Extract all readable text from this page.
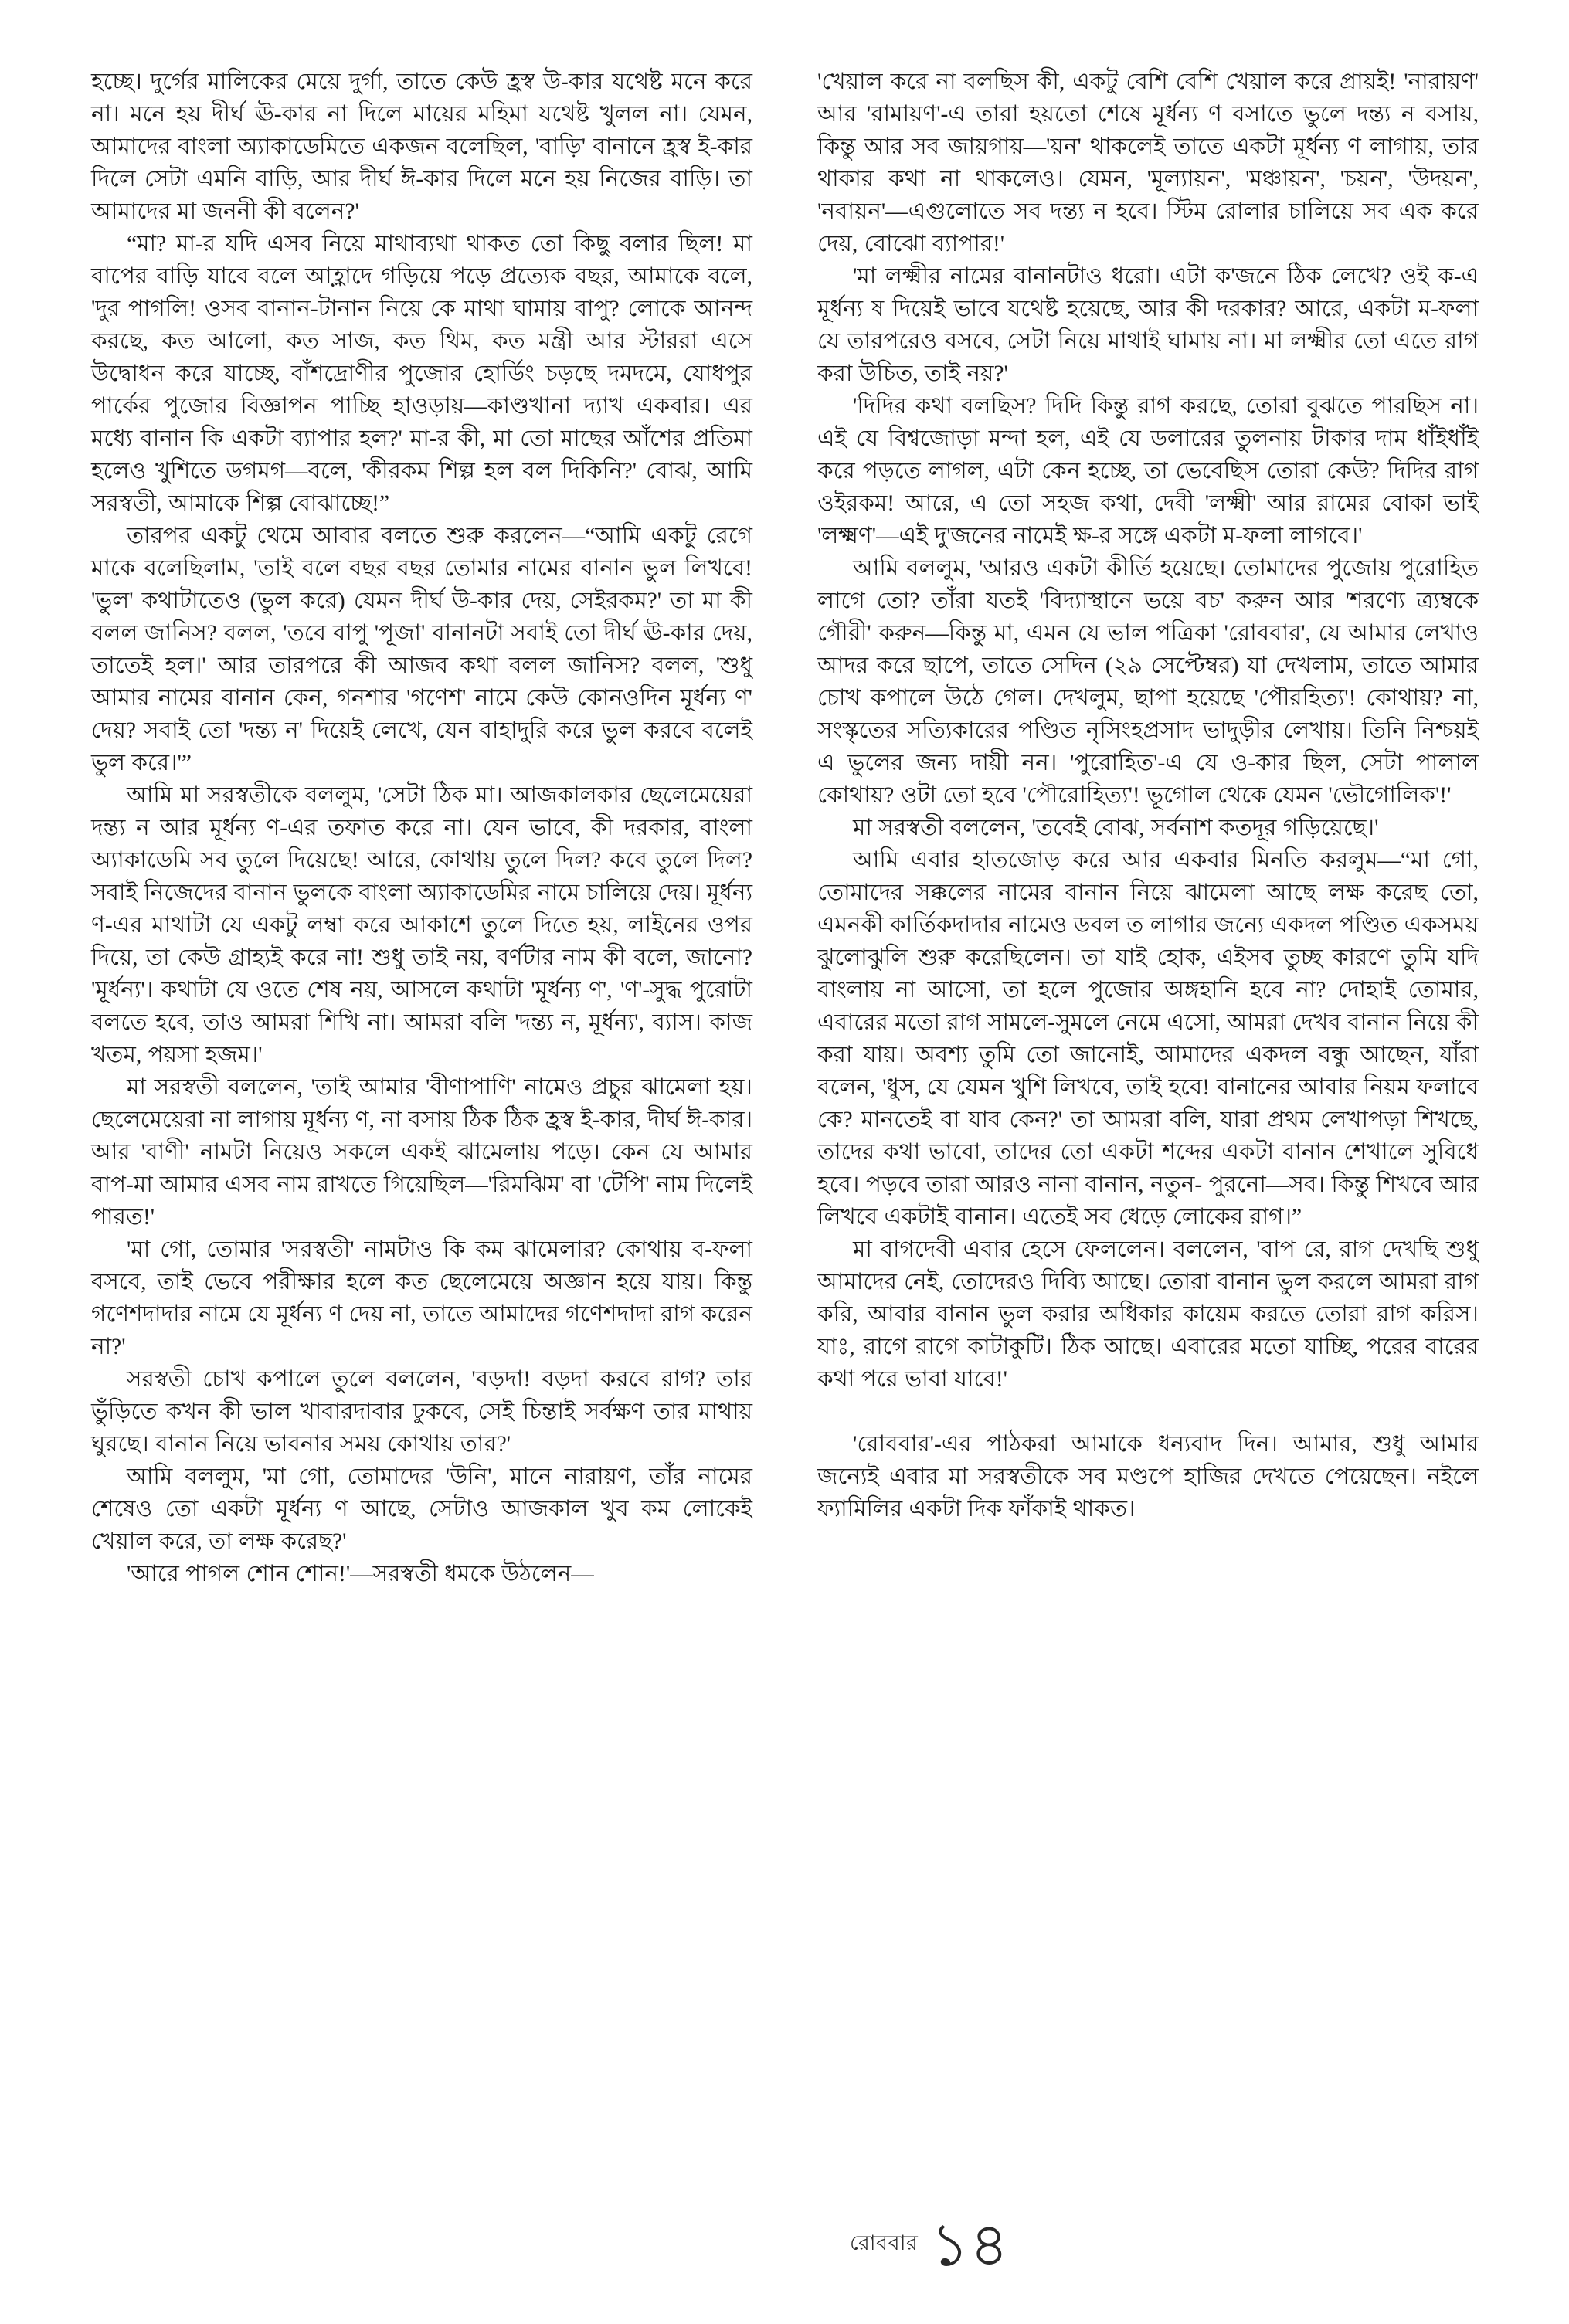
হচ্ছে। দুর্গের মালিকের মেয়ে দুর্গা, তাতে কেউ হ্রস্ব উ-কার যথেষ্ট মনে করে না। মনে হয় দীর্ঘ ঊ-কার না দিলে মায়ের মহিমা যথেষ্ট খুলল না। যেমন, আমাদের বাংলা অ্যাকাডেমিতে একজন বলেছিল, 'বাড়ি' বানানে হ্রস্ব ই-কার দিলে সেটা এমনি বাড়ি, আর দীর্ঘ ঈ-কার দিলে মনে হয় নিজের বাড়ি। তা আমাদের মা জননী কী বলেন?'

“মা? মা-র যদি এসব নিয়ে মাথাব্যথা থাকত তো কিছু বলার ছিল! মা বাপের বাড়ি যাবে বলে আহ্লাদে গড়িয়ে পড়ে প্রত্যেক বছর, আমাকে বলে, 'দুর পাগলি! ওসব বানান-টানান নিয়ে কে মাথা ঘামায় বাপু? লোকে আনন্দ করছে, কত আলো, কত সাজ, কত থিম, কত মন্ত্রী আর স্টাররা এসে উদ্বোধন করে যাচ্ছে, বাঁশদ্রোণীর পুজোর হোর্ডিং চড়ছে দমদমে, যোধপুর পার্কের পুজোর বিজ্ঞাপন পাচ্ছি হাওড়ায়—কাণ্ডখানা দ্যাখ একবার। এর মধ্যে বানান কি একটা ব্যাপার হল?' মা-র কী, মা তো মাছের আঁশের প্রতিমা হলেও খুশিতে ডগমগ—বলে, 'কীরকম শিল্প হল বল দিকিনি?' বোঝ, আমি সরস্বতী, আমাকে শিল্প বোঝাচ্ছে!”

তারপর একটু থেমে আবার বলতে শুরু করলেন—“আমি একটু রেগে মাকে বলেছিলাম, 'তাই বলে বছর বছর তোমার নামের বানান ভুল লিখবে! 'ভুল' কথাটাতেও (ভুল করে) যেমন দীর্ঘ উ-কার দেয়, সেইরকম?' তা মা কী বলল জানিস? বলল, 'তবে বাপু 'পূজা' বানানটা সবাই তো দীর্ঘ ঊ-কার দেয়, তাতেই হল।' আর তারপরে কী আজব কথা বলল জানিস? বলল, 'শুধু আমার নামের বানান কেন, গনশার 'গণেশ' নামে কেউ কোনওদিন মূর্ধন্য ণ' দেয়? সবাই তো 'দন্ত্য ন' দিয়েই লেখে, যেন বাহাদুরি করে ভুল করবে বলেই ভুল করে।'”

আমি মা সরস্বতীকে বললুম, 'সেটা ঠিক মা। আজকালকার ছেলেমেয়েরা দন্ত্য ন আর মূর্ধন্য ণ-এর তফাত করে না। যেন ভাবে, কী দরকার, বাংলা অ্যাকাডেমি সব তুলে দিয়েছে! আরে, কোথায় তুলে দিল? কবে তুলে দিল? সবাই নিজেদের বানান ভুলকে বাংলা অ্যাকাডেমির নামে চালিয়ে দেয়। মূর্ধন্য ণ-এর মাথাটা যে একটু লম্বা করে আকাশে তুলে দিতে হয়, লাইনের ওপর দিয়ে, তা কেউ গ্রাহ্যই করে না! শুধু তাই নয়, বর্ণটার নাম কী বলে, জানো? 'মূর্ধন্য'। কথাটা যে ওতে শেষ নয়, আসলে কথাটা 'মূর্ধন্য ণ', 'ণ'-সুদ্ধ পুরোটা বলতে হবে, তাও আমরা শিখি না। আমরা বলি 'দন্ত্য ন, মূর্ধন্য', ব্যাস। কাজ খতম, পয়সা হজম।'

মা সরস্বতী বললেন, 'তাই আমার 'বীণাপাণি' নামেও প্রচুর ঝামেলা হয়। ছেলেমেয়েরা না লাগায় মূর্ধন্য ণ, না বসায় ঠিক ঠিক হ্রস্ব ই-কার, দীর্ঘ ঈ-কার। আর 'বাণী' নামটা নিয়েও সকলে একই ঝামেলায় পড়ে। কেন যে আমার বাপ-মা আমার এসব নাম রাখতে গিয়েছিল—'রিমঝিম' বা 'টেপি' নাম দিলেই পারত!'

'মা গো, তোমার 'সরস্বতী' নামটাও কি কম ঝামেলার? কোথায় ব-ফলা বসবে, তাই ভেবে পরীক্ষার হলে কত ছেলেমেয়ে অজ্ঞান হয়ে যায়। কিন্তু গণেশদাদার নামে যে মূর্ধন্য ণ দেয় না, তাতে আমাদের গণেশদাদা রাগ করেন না?'

সরস্বতী চোখ কপালে তুলে বললেন, 'বড়দা! বড়দা করবে রাগ? তার ভুঁড়িতে কখন কী ভাল খাবারদাবার ঢুকবে, সেই চিন্তাই সর্বক্ষণ তার মাথায় ঘুরছে। বানান নিয়ে ভাবনার সময় কোথায় তার?'

আমি বললুম, 'মা গো, তোমাদের 'উনি', মানে নারায়ণ, তাঁর নামের শেষেও তো একটা মূর্ধন্য ণ আছে, সেটাও আজকাল খুব কম লোকেই খেয়াল করে, তা লক্ষ করেছ?'

'আরে পাগল শোন শোন!'—সরস্বতী ধমকে উঠলেন—

'খেয়াল করে না বলছিস কী, একটু বেশি বেশি খেয়াল করে প্রায়ই! 'নারায়ণ' আর 'রামায়ণ'-এ তারা হয়তো শেষে মূর্ধন্য ণ বসাতে ভুলে দন্ত্য ন বসায়, কিন্তু আর সব জায়গায়—'য়ন' থাকলেই তাতে একটা মূর্ধন্য ণ লাগায়, তার থাকার কথা না থাকলেও। যেমন, 'মূল্যায়ন', 'মঞ্চায়ন', 'চয়ন', 'উদয়ন', 'নবায়ন'—এগুলোতে সব দন্ত্য ন হবে। স্টিম রোলার চালিয়ে সব এক করে দেয়, বোঝো ব্যাপার!'

'মা লক্ষ্মীর নামের বানানটাও ধরো। এটা ক'জনে ঠিক লেখে? ওই ক-এ মূর্ধন্য ষ দিয়েই ভাবে যথেষ্ট হয়েছে, আর কী দরকার? আরে, একটা ম-ফলা যে তারপরেও বসবে, সেটা নিয়ে মাথাই ঘামায় না। মা লক্ষ্মীর তো এতে রাগ করা উচিত, তাই নয়?'

'দিদির কথা বলছিস? দিদি কিন্তু রাগ করছে, তোরা বুঝতে পারছিস না। এই যে বিশ্বজোড়া মন্দা হল, এই যে ডলারের তুলনায় টাকার দাম ধাঁইধাঁই করে পড়তে লাগল, এটা কেন হচ্ছে, তা ভেবেছিস তোরা কেউ? দিদির রাগ ওইরকম! আরে, এ তো সহজ কথা, দেবী 'লক্ষ্মী' আর রামের বোকা ভাই 'লক্ষ্মণ'—এই দু'জনের নামেই ক্ষ-র সঙ্গে একটা ম-ফলা লাগবে।'

আমি বললুম, 'আরও একটা কীর্তি হয়েছে। তোমাদের পুজোয় পুরোহিত লাগে তো? তাঁরা যতই 'বিদ্যাস্থানে ভয়ে বচ' করুন আর 'শরণ্যে ত্র্যম্বকে গৌরী' করুন—কিন্তু মা, এমন যে ভাল পত্রিকা 'রোববার', যে আমার লেখাও আদর করে ছাপে, তাতে সেদিন (২৯ সেপ্টেম্বর) যা দেখলাম, তাতে আমার চোখ কপালে উঠে গেল। দেখলুম, ছাপা হয়েছে 'পৌরহিত্য'! কোথায়? না, সংস্কৃতের সত্যিকারের পণ্ডিত নৃসিংহপ্রসাদ ভাদুড়ীর লেখায়। তিনি নিশ্চয়ই এ ভুলের জন্য দায়ী নন। 'পুরোহিত'-এ যে ও-কার ছিল, সেটা পালাল কোথায়? ওটা তো হবে 'পৌরোহিত্য'! ভূগোল থেকে যেমন 'ভৌগোলিক'!'

মা সরস্বতী বললেন, 'তবেই বোঝ, সর্বনাশ কতদূর গড়িয়েছে।'

আমি এবার হাতজোড় করে আর একবার মিনতি করলুম—“মা গো, তোমাদের সক্কলের নামের বানান নিয়ে ঝামেলা আছে লক্ষ করেছ তো, এমনকী কার্তিকদাদার নামেও ডবল ত লাগার জন্যে একদল পণ্ডিত একসময় ঝুলোঝুলি শুরু করেছিলেন। তা যাই হোক, এইসব তুচ্ছ কারণে তুমি যদি বাংলায় না আসো, তা হলে পুজোর অঙ্গহানি হবে না? দোহাই তোমার, এবারের মতো রাগ সামলে-সুমলে নেমে এসো, আমরা দেখব বানান নিয়ে কী করা যায়। অবশ্য তুমি তো জানোই, আমাদের একদল বন্ধু আছেন, যাঁরা বলেন, 'ধুস, যে যেমন খুশি লিখবে, তাই হবে! বানানের আবার নিয়ম ফলাবে কে? মানতেই বা যাব কেন?' তা আমরা বলি, যারা প্রথম লেখাপড়া শিখছে, তাদের কথা ভাবো, তাদের তো একটা শব্দের একটা বানান শেখালে সুবিধে হবে। পড়বে তারা আরও নানা বানান, নতুন- পুরনো—সব। কিন্তু শিখবে আর লিখবে একটাই বানান। এতেই সব ধেড়ে লোকের রাগ।”

মা বাগদেবী এবার হেসে ফেললেন। বললেন, 'বাপ রে, রাগ দেখছি শুধু আমাদের নেই, তোদেরও দিব্যি আছে। তোরা বানান ভুল করলে আমরা রাগ করি, আবার বানান ভুল করার অধিকার কায়েম করতে তোরা রাগ করিস। যাঃ, রাগে রাগে কাটাকুটি। ঠিক আছে। এবারের মতো যাচ্ছি, পরের বারের কথা পরে ভাবা যাবে!'

'রোববার'-এর পাঠকরা আমাকে ধন্যবাদ দিন। আমার, শুধু আমার জন্যেই এবার মা সরস্বতীকে সব মণ্ডপে হাজির দেখতে পেয়েছেন। নইলে ফ্যামিলির একটা দিক ফাঁকাই থাকত।

রোববার ১৪
